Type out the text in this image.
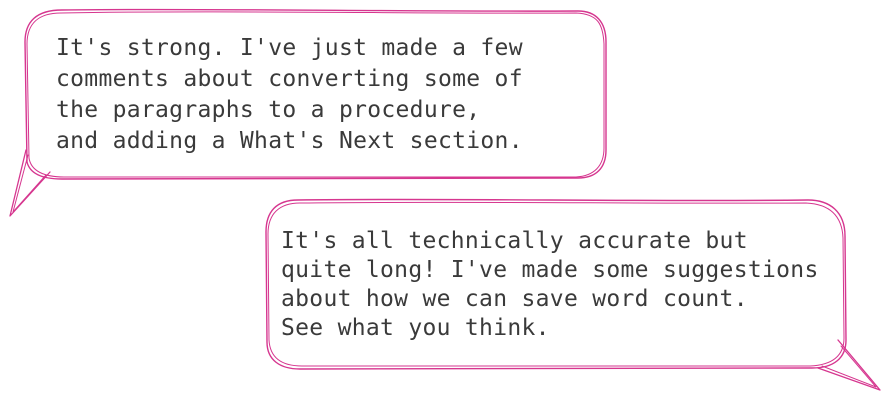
It's strong. I've just made a few
comments about converting some of
the paragraphs to a procedure,
and adding a What's Next section.

It's all technically accurate but
quite long! I've made some suggestions
about how we can save word count.
See what you think.
